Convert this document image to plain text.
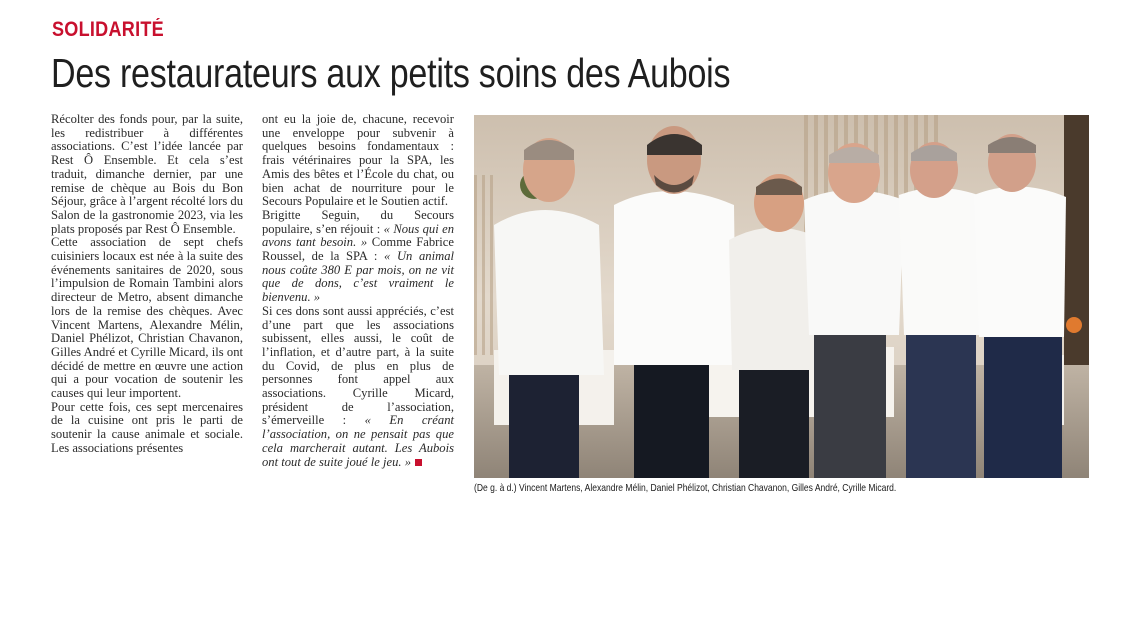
SOLIDARITÉ
Des restaurateurs aux petits soins des Aubois

Récolter des fonds pour, par la suite, les redistribuer à différentes associations. C’est l’idée lancée par Rest Ô Ensemble. Et cela s’est traduit, dimanche dernier, par une remise de chèque au Bois du Bon Séjour, grâce à l’argent récolté lors du Salon de la gastronomie 2023, via les plats proposés par Rest Ô Ensemble.

Cette association de sept chefs cuisiniers locaux est née à la suite des événements sanitaires de 2020, sous l’impulsion de Romain Tambini alors directeur de Metro, absent dimanche lors de la remise des chèques. Avec Vincent Martens, Alexandre Mélin, Daniel Phélizot, Christian Chavanon, Gilles André et Cyrille Micard, ils ont décidé de mettre en œuvre une action qui a pour vocation de soutenir les causes qui leur importent.

Pour cette fois, ces sept mercenaires de la cuisine ont pris le parti de soutenir la cause animale et sociale. Les associations présentes

ont eu la joie de, chacune, recevoir une enveloppe pour subvenir à quelques besoins fondamentaux : frais vétérinaires pour la SPA, les Amis des bêtes et l’École du chat, ou bien achat de nourriture pour le Secours Populaire et le Soutien actif.

Brigitte Seguin, du Secours populaire, s’en réjouit : « Nous qui en avons tant besoin. » Comme Fabrice Roussel, de la SPA : « Un animal nous coûte 380 E par mois, on ne vit que de dons, c’est vraiment le bienvenu. »

Si ces dons sont aussi appréciés, c’est d’une part que les associations subissent, elles aussi, le coût de l’inflation, et d’autre part, à la suite du Covid, de plus en plus de personnes font appel aux associations. Cyrille Micard, président de l’association, s’émerveille : « En créant l’association, on ne pensait pas que cela marcherait autant. Les Aubois ont tout de suite joué le jeu. »

(De g. à d.) Vincent Martens, Alexandre Mélin, Daniel Phélizot, Christian Chavanon, Gilles André, Cyrille Micard.
